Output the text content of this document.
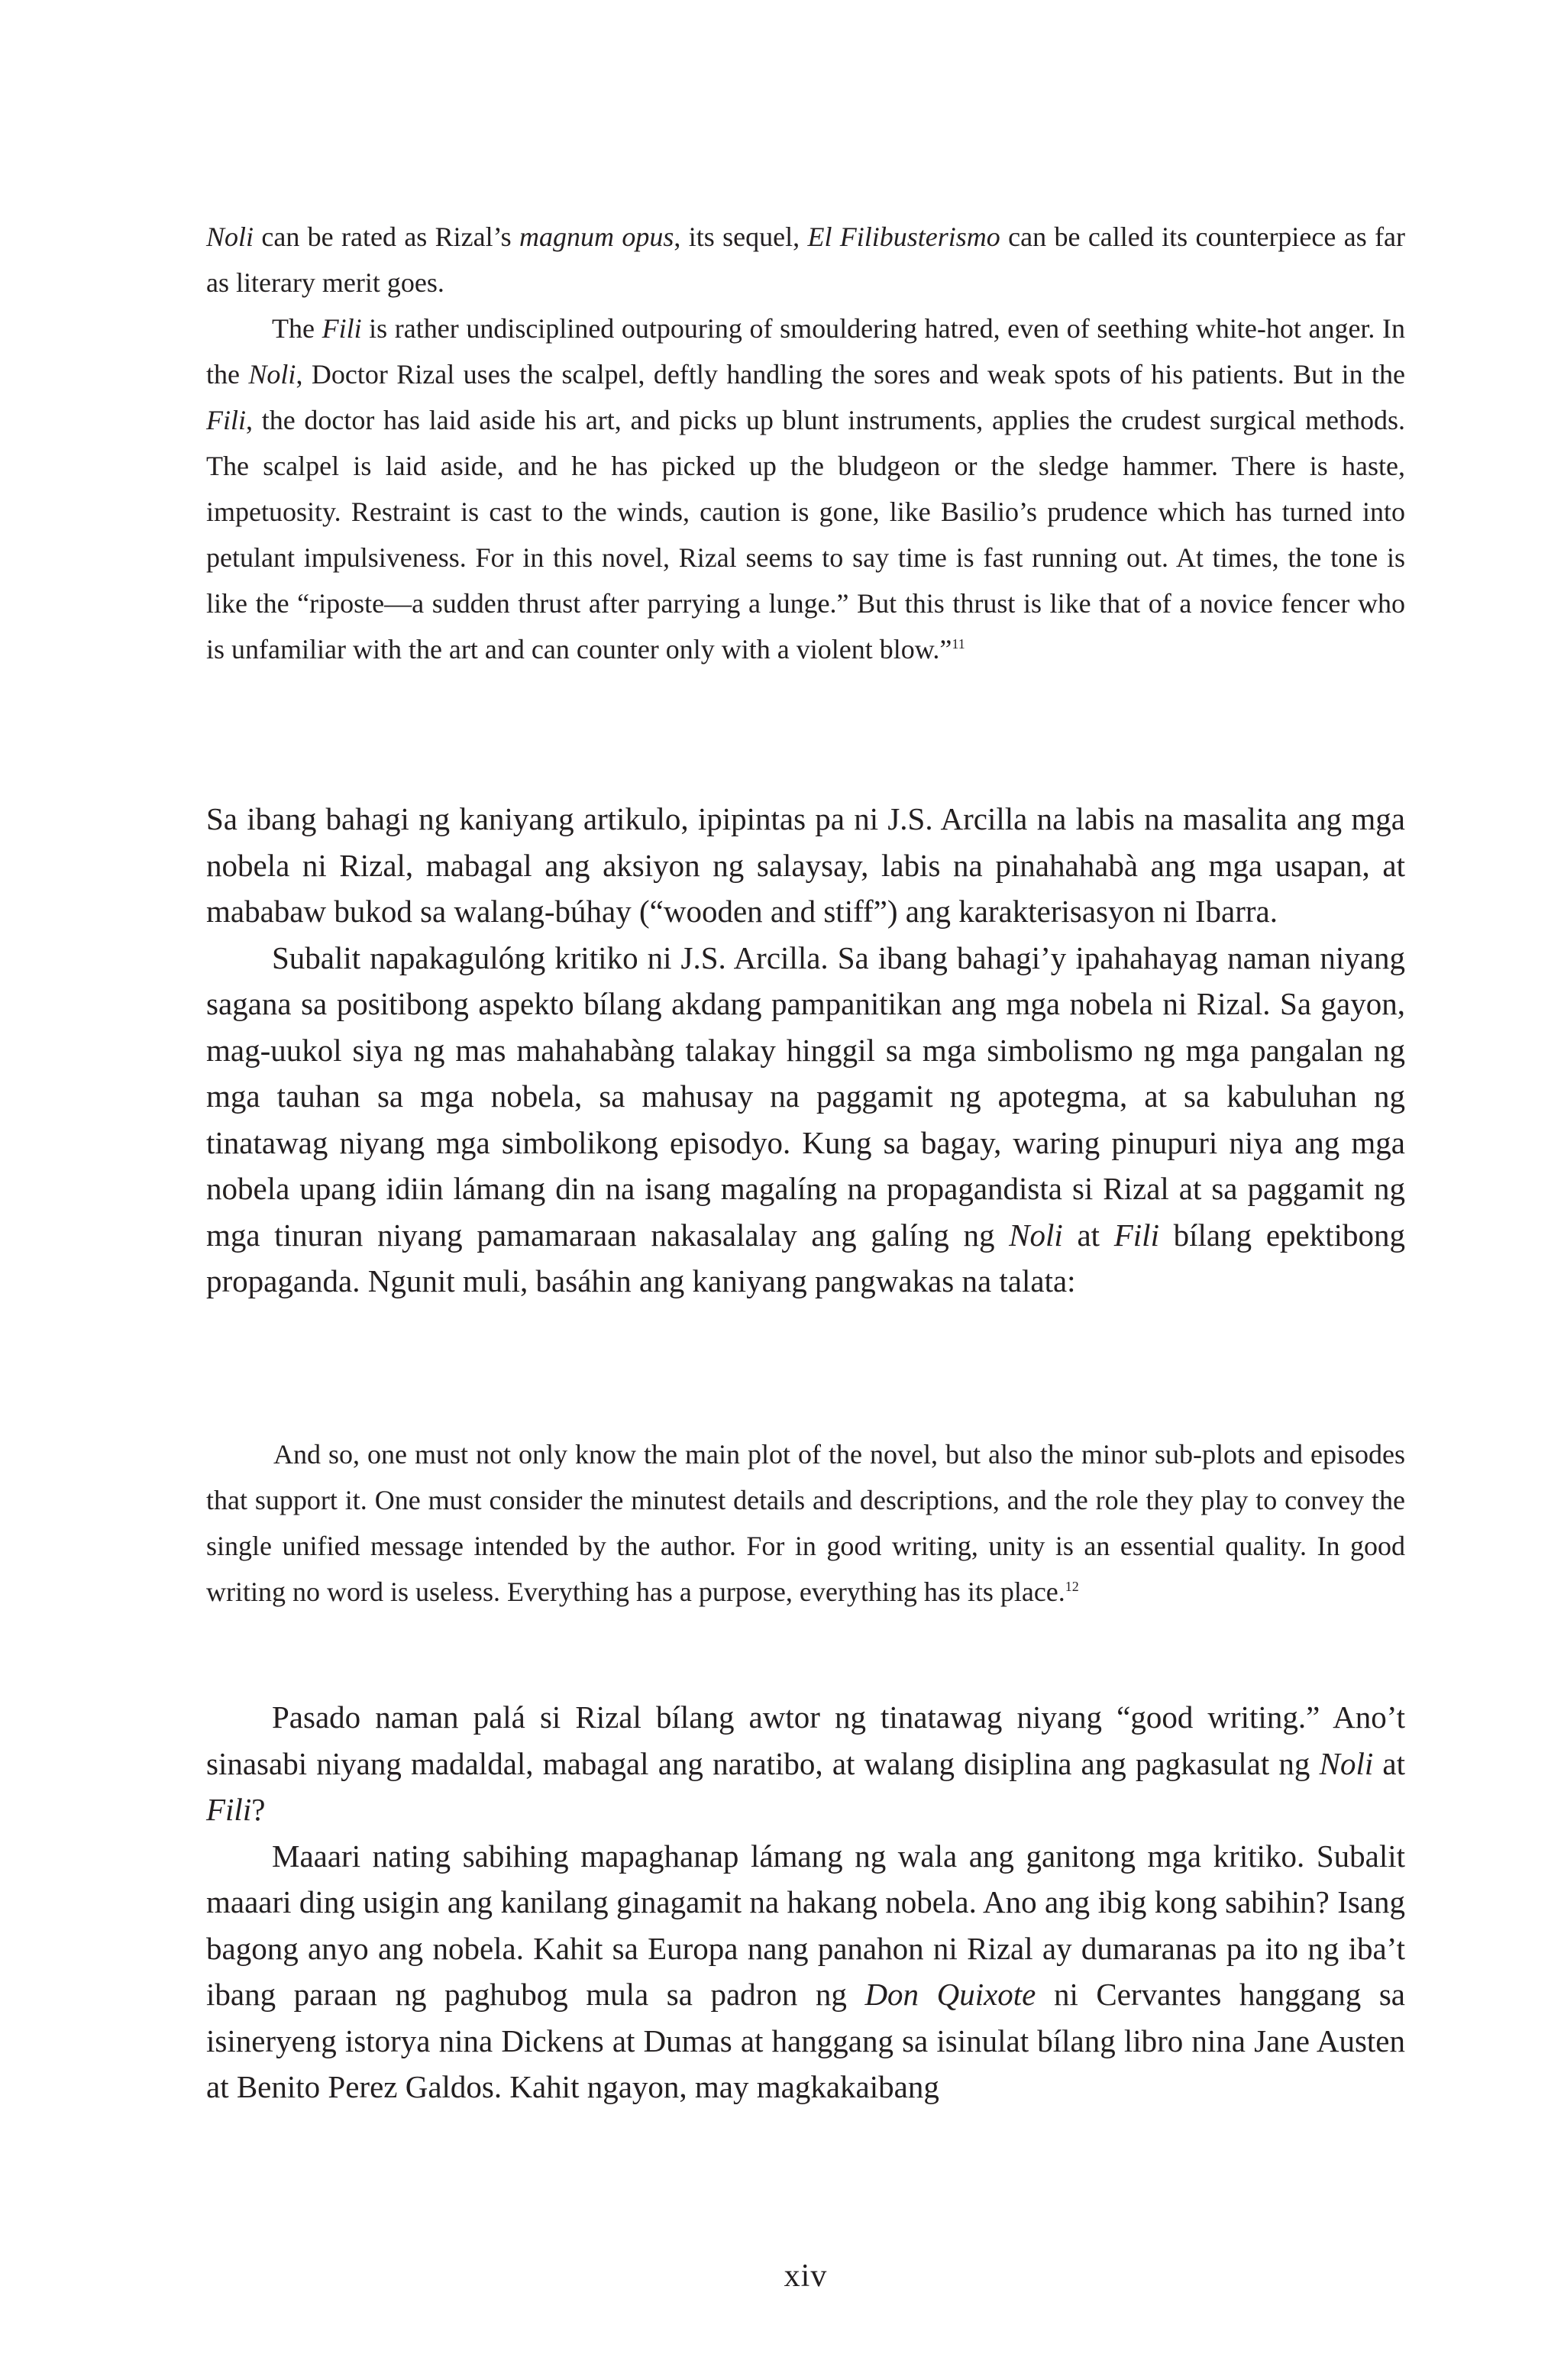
Noli can be rated as Rizal’s magnum opus, its sequel, El Filibusterismo can be called its counterpiece as far as literary merit goes.

The Fili is rather undisciplined outpouring of smouldering hatred, even of seething white-hot anger. In the Noli, Doctor Rizal uses the scalpel, deftly handling the sores and weak spots of his patients. But in the Fili, the doctor has laid aside his art, and picks up blunt instruments, applies the crudest surgical methods. The scalpel is laid aside, and he has picked up the bludgeon or the sledge hammer. There is haste, impetuosity. Restraint is cast to the winds, caution is gone, like Basilio’s prudence which has turned into petulant impulsiveness. For in this novel, Rizal seems to say time is fast running out. At times, the tone is like the “riposte—a sudden thrust after parrying a lunge.” But this thrust is like that of a novice fencer who is unfamiliar with the art and can counter only with a violent blow.”$^{11}$

Sa ibang bahagi ng kaniyang artikulo, ipipintas pa ni J.S. Arcilla na labis na masalita ang mga nobela ni Rizal, mabagal ang aksiyon ng salaysay, labis na pinahahabà ang mga usapan, at mababaw bukod sa walang-búhay (“wooden and stiff”) ang karakterisasyon ni Ibarra.

Subalit napakagulóng kritiko ni J.S. Arcilla. Sa ibang bahagi’y ipahahayag naman niyang sagana sa positibong aspekto bílang akdang pampanitikan ang mga nobela ni Rizal. Sa gayon, mag-uukol siya ng mas mahahabàng talakay hinggil sa mga simbolismo ng mga pangalan ng mga tauhan sa mga nobela, sa mahusay na paggamit ng apotegma, at sa kabuluhan ng tinatawag niyang mga simbolikong episodyo. Kung sa bagay, waring pinupuri niya ang mga nobela upang idiin lámang din na isang magalíng na propagandista si Rizal at sa paggamit ng mga tinuran niyang pamamaraan nakasalalay ang galíng ng Noli at Fili bílang epektibong propaganda. Ngunit muli, basáhin ang kaniyang pangwakas na talata:

And so, one must not only know the main plot of the novel, but also the minor sub-plots and episodes that support it. One must consider the minutest details and descriptions, and the role they play to convey the single unified message intended by the author. For in good writing, unity is an essential quality. In good writing no word is useless. Everything has a purpose, everything has its place.$^{12}$

Pasado naman palá si Rizal bílang awtor ng tinatawag niyang “good writing.” Ano’t sinasabi niyang madaldal, mabagal ang naratibo, at walang disiplina ang pagkasulat ng Noli at Fili?

Maaari nating sabihing mapaghanap lámang ng wala ang ganitong mga kritiko. Subalit maaari ding usigin ang kanilang ginagamit na hakang nobela. Ano ang ibig kong sabihin? Isang bagong anyo ang nobela. Kahit sa Europa nang panahon ni Rizal ay dumaranas pa ito ng iba’t ibang paraan ng paghubog mula sa padron ng Don Quixote ni Cervantes hanggang sa isineryeng istorya nina Dickens at Dumas at hanggang sa isinulat bílang libro nina Jane Austen at Benito Perez Galdos. Kahit ngayon, may magkakaibang

xiv
